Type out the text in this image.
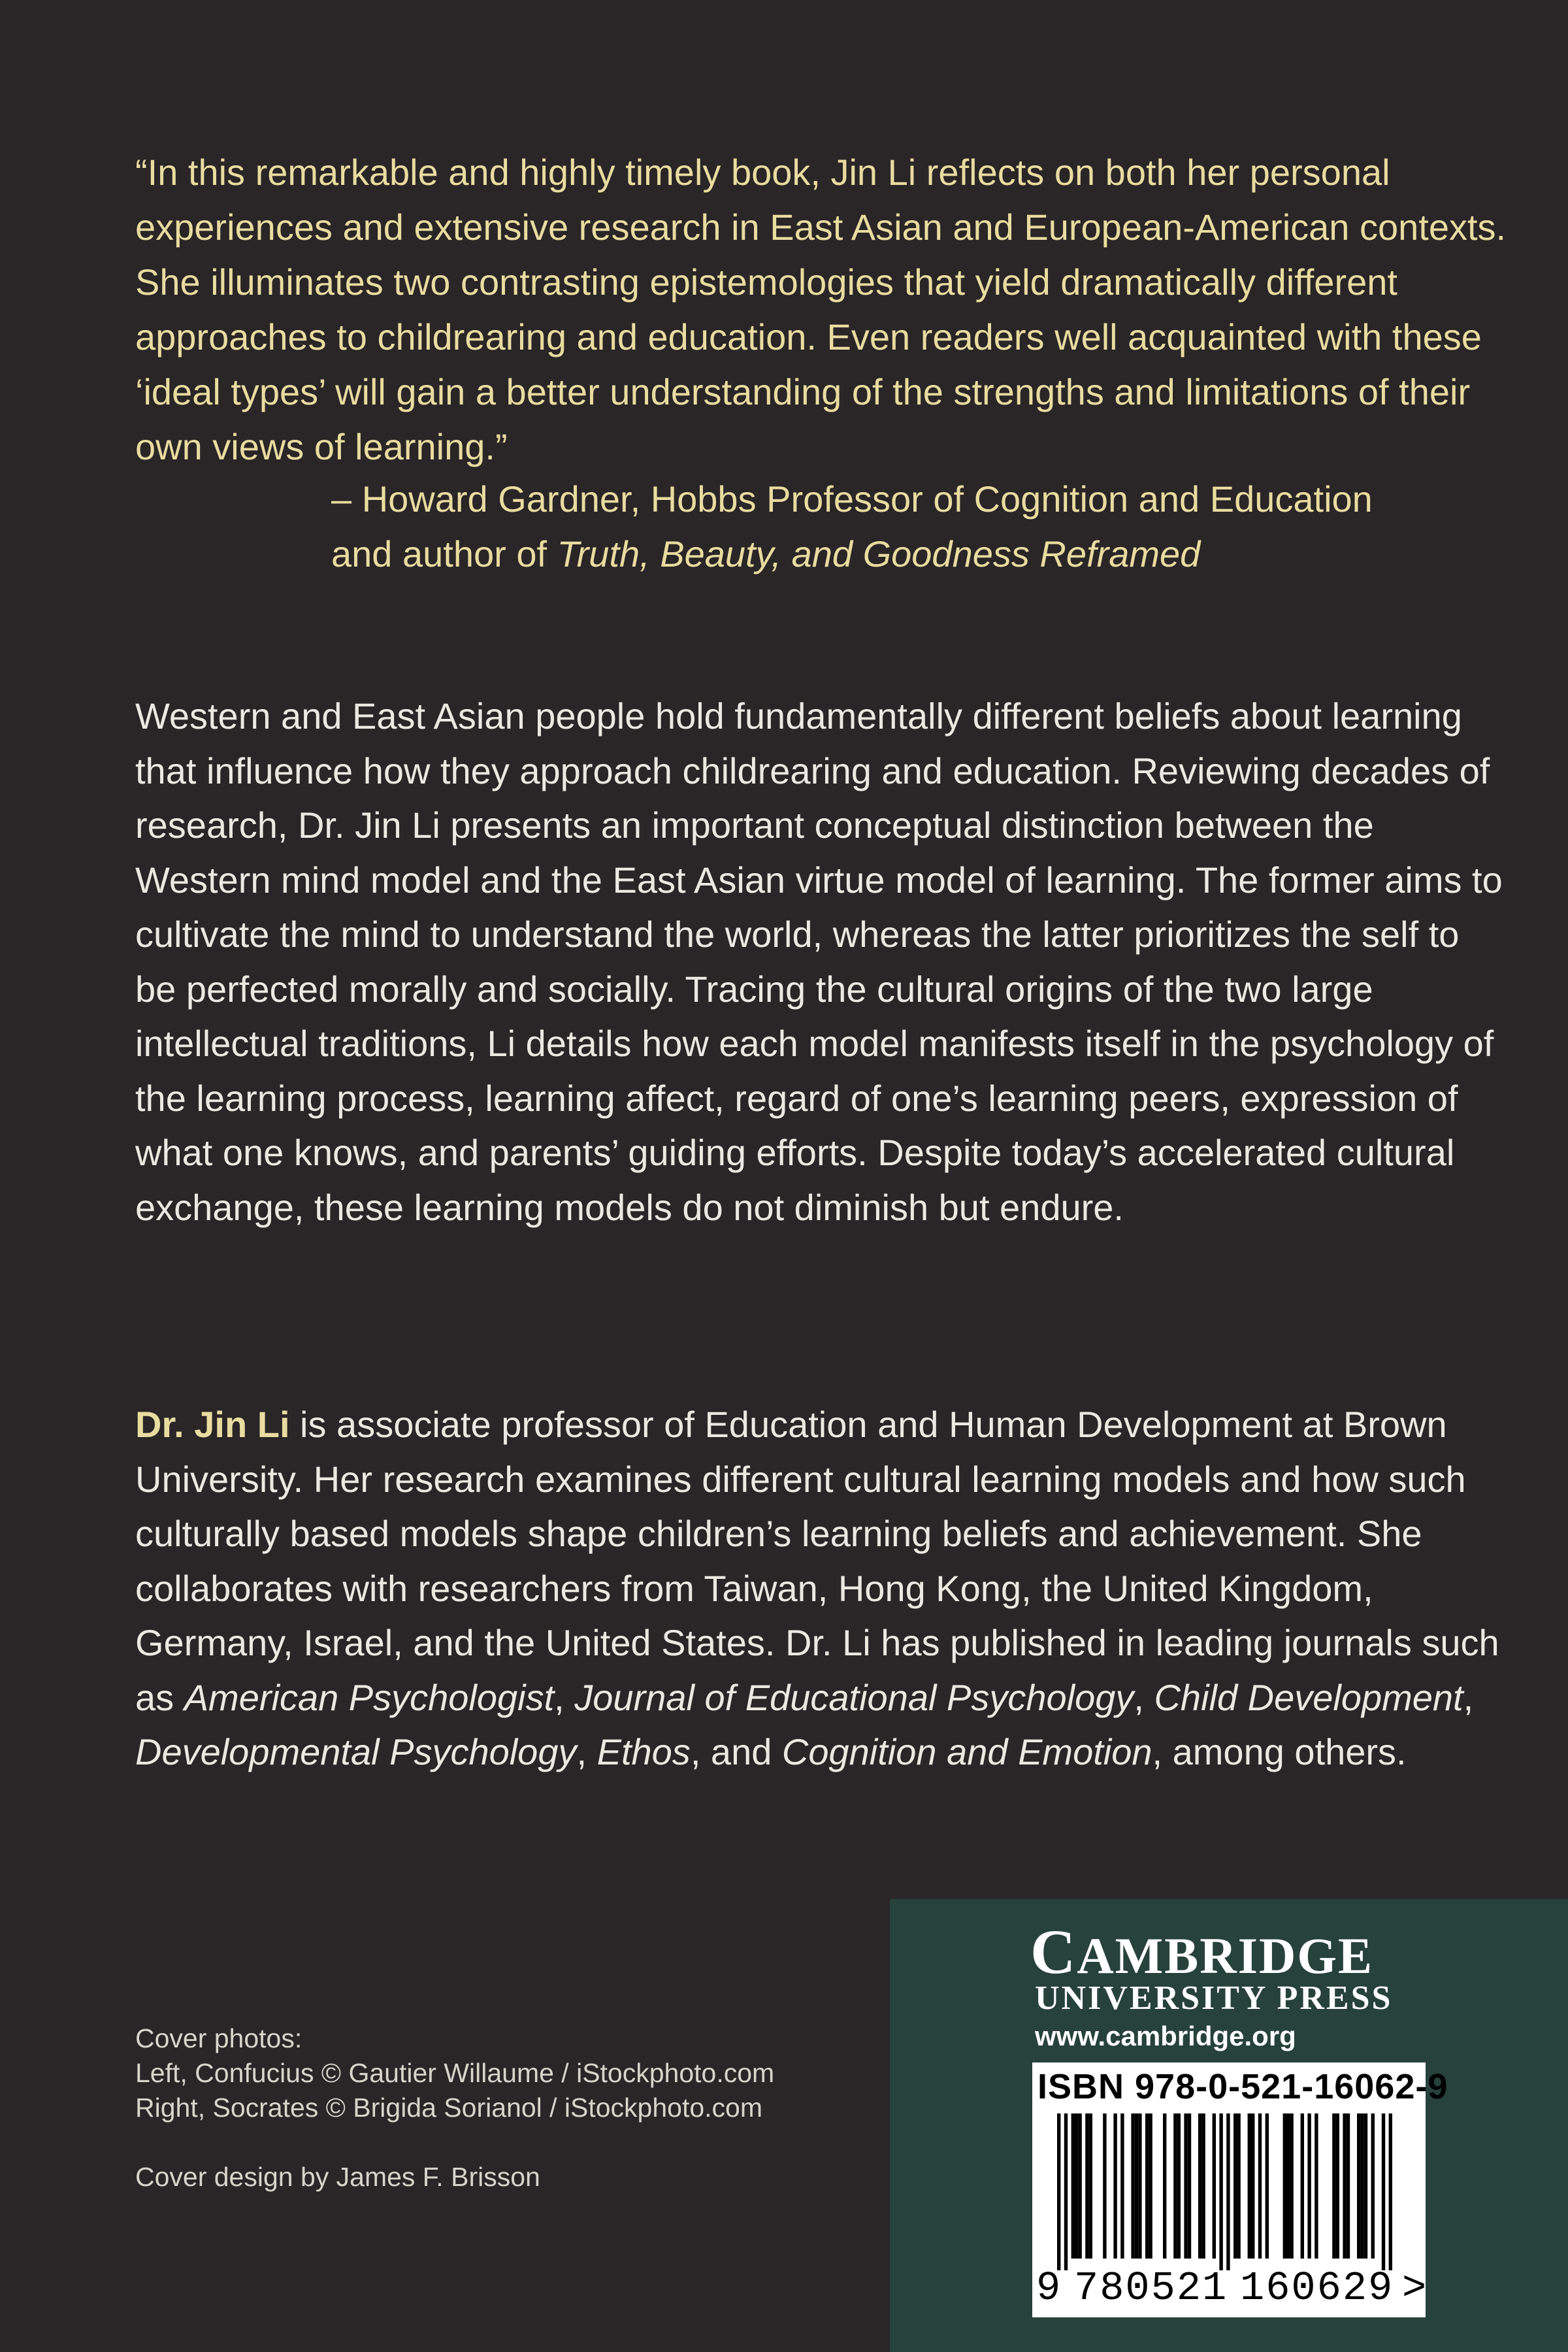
“In this remarkable and highly timely book, Jin Li reflects on both her personal experiences and extensive research in East Asian and European-American contexts. She illuminates two contrasting epistemologies that yield dramatically different approaches to childrearing and education. Even readers well acquainted with these ‘ideal types’ will gain a better understanding of the strengths and limitations of their own views of learning.”

– Howard Gardner, Hobbs Professor of Cognition and Education
and author of Truth, Beauty, and Goodness Reframed

Western and East Asian people hold fundamentally different beliefs about learning that influence how they approach childrearing and education. Reviewing decades of research, Dr. Jin Li presents an important conceptual distinction between the Western mind model and the East Asian virtue model of learning. The former aims to cultivate the mind to understand the world, whereas the latter prioritizes the self to be perfected morally and socially. Tracing the cultural origins of the two large intellectual traditions, Li details how each model manifests itself in the psychology of the learning process, learning affect, regard of one’s learning peers, expression of what one knows, and parents’ guiding efforts. Despite today’s accelerated cultural exchange, these learning models do not diminish but endure.

Dr. Jin Li is associate professor of Education and Human Development at Brown University. Her research examines different cultural learning models and how such culturally based models shape children’s learning beliefs and achievement. She collaborates with researchers from Taiwan, Hong Kong, the United Kingdom, Germany, Israel, and the United States. Dr. Li has published in leading journals such as American Psychologist, Journal of Educational Psychology, Child Development, Developmental Psychology, Ethos, and Cognition and Emotion, among others.

Cover photos:
Left, Confucius © Gautier Willaume / iStockphoto.com
Right, Socrates © Brigida Sorianol / iStockphoto.com

Cover design by James F. Brisson

CAMBRIDGE
UNIVERSITY PRESS
www.cambridge.org
ISBN 978-0-521-16062-9
9 780521 160629 >
